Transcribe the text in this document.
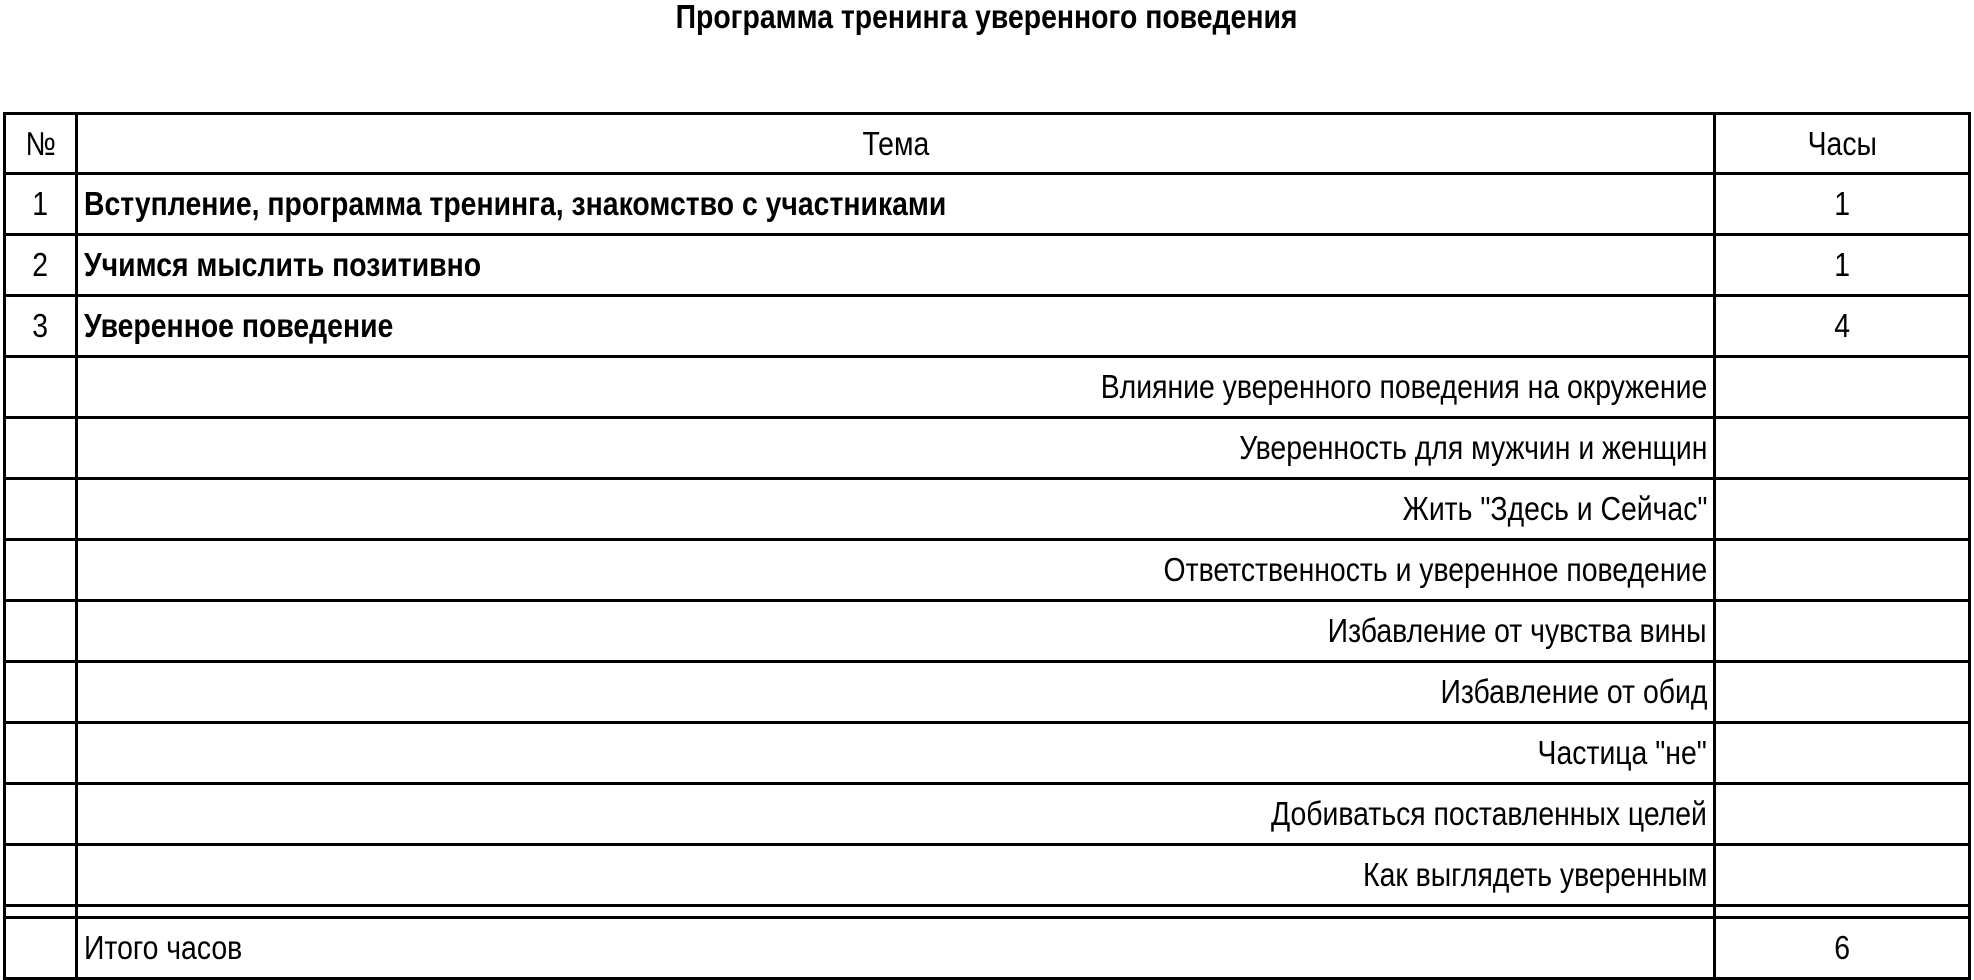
Программа тренинга уверенного поведения
№	Тема	Часы
1	Вступление, программа тренинга, знакомство с участниками	1
2	Учимся мыслить позитивно	1
3	Уверенное поведение	4
	Влияние уверенного поведения на окружение	
	Уверенность для мужчин и женщин	
	Жить "Здесь и Сейчас"	
	Ответственность и уверенное поведение	
	Избавление от чувства вины	
	Избавление от обид	
	Частица "не"	
	Добиваться поставленных целей	
	Как выглядеть уверенным	

	Итого часов	6
